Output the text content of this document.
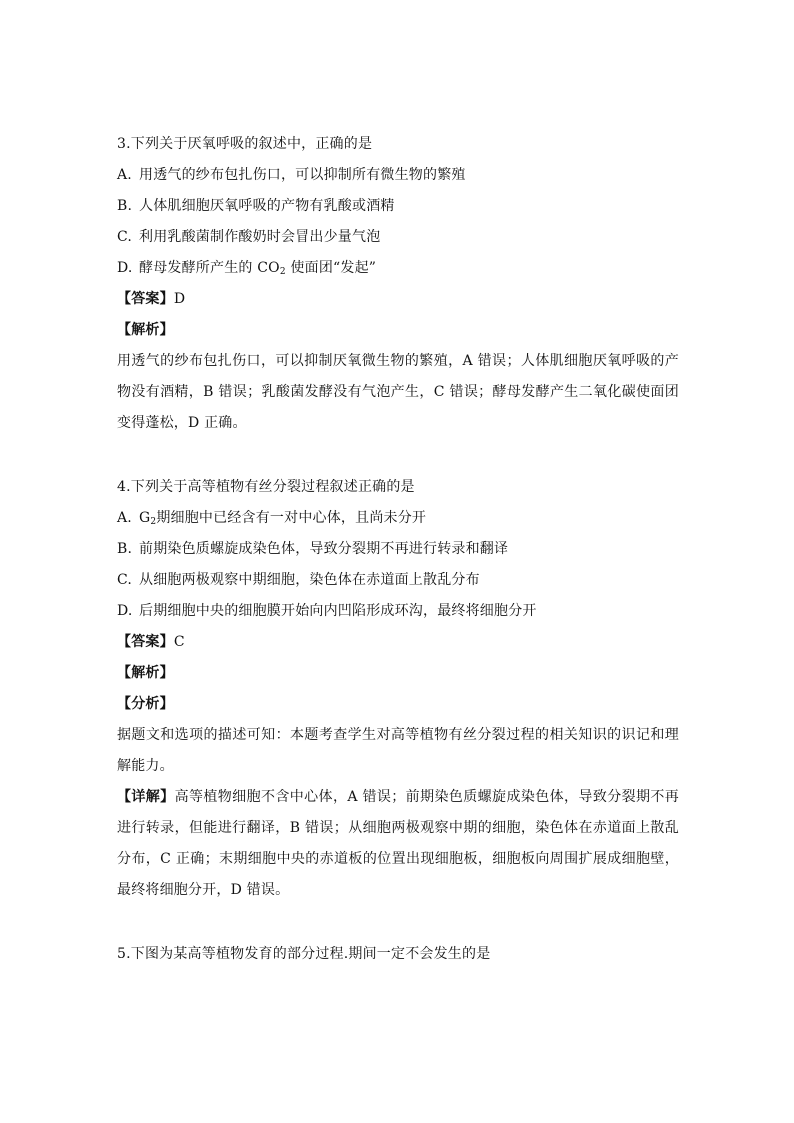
3.下列关于厌氧呼吸的叙述中，正确的是
A. 用透气的纱布包扎伤口，可以抑制所有微生物的繁殖
B. 人体肌细胞厌氧呼吸的产物有乳酸或酒精
C. 利用乳酸菌制作酸奶时会冒出少量气泡
D. 酵母发酵所产生的 $CO_2$ 使面团“发起”
【答案】D
【解析】
用透气的纱布包扎伤口，可以抑制厌氧微生物的繁殖，A 错误；人体肌细胞厌氧呼吸的产物没有酒精，B 错误；乳酸菌发酵没有气泡产生，C 错误；酵母发酵产生二氧化碳使面团变得蓬松，D 正确。
4.下列关于高等植物有丝分裂过程叙述正确的是
A. $G_2$期细胞中已经含有一对中心体，且尚未分开
B. 前期染色质螺旋成染色体，导致分裂期不再进行转录和翻译
C. 从细胞两极观察中期细胞，染色体在赤道面上散乱分布
D. 后期细胞中央的细胞膜开始向内凹陷形成环沟，最终将细胞分开
【答案】C
【解析】
【分析】
据题文和选项的描述可知：本题考查学生对高等植物有丝分裂过程的相关知识的识记和理解能力。
【详解】高等植物细胞不含中心体，A 错误；前期染色质螺旋成染色体，导致分裂期不再进行转录，但能进行翻译，B 错误；从细胞两极观察中期的细胞，染色体在赤道面上散乱分布，C 正确；末期细胞中央的赤道板的位置出现细胞板，细胞板向周围扩展成细胞壁，最终将细胞分开，D 错误。
5.下图为某高等植物发育的部分过程.期间一定不会发生的是
